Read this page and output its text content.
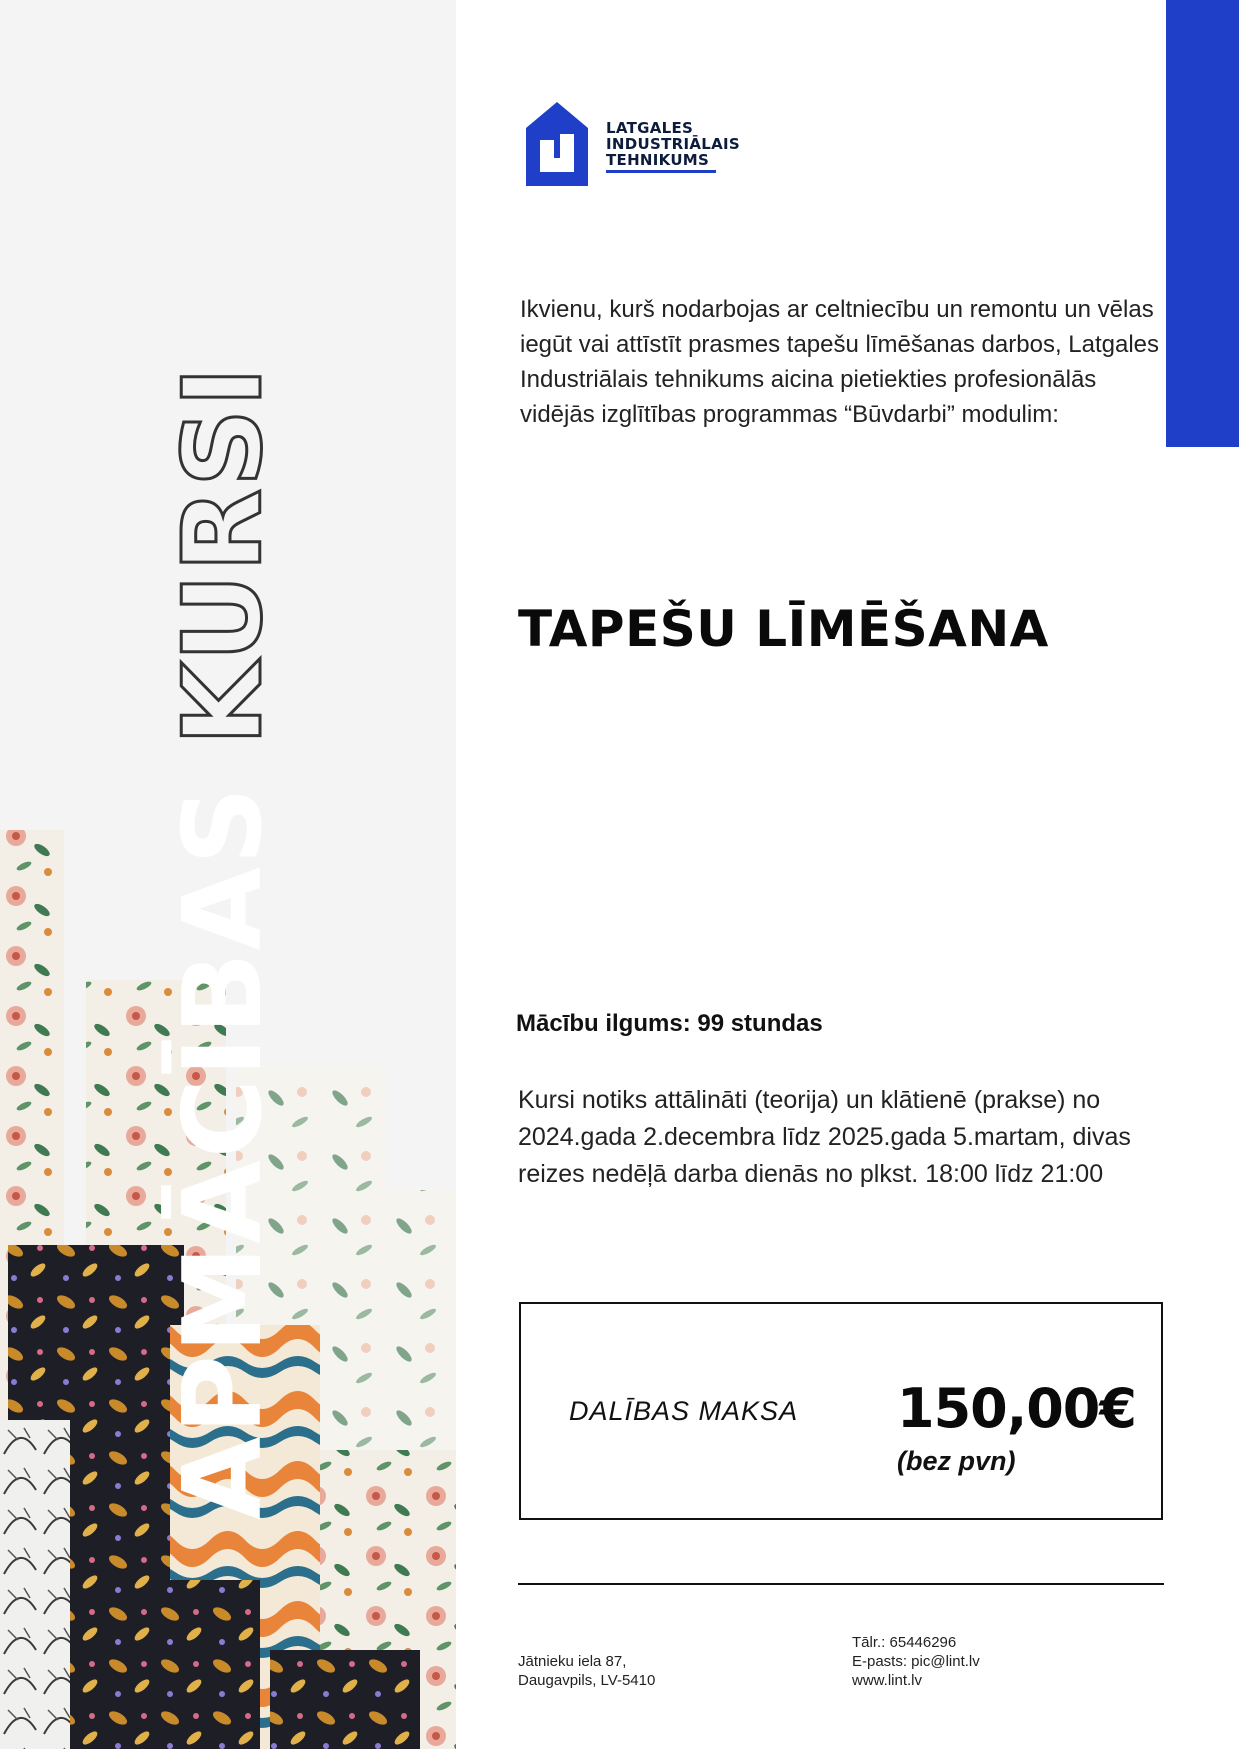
APMĀCĪBAS KURSI
LATGALES
INDUSTRIĀLAIS
TEHNIKUMS

Ikvienu, kurš nodarbojas ar celtniecību un remontu un vēlas iegūt vai attīstīt prasmes tapešu līmēšanas darbos, Latgales Industriālais tehnikums aicina pietiekties profesionālās vidējās izglītības programmas “Būvdarbi” modulim:

TAPEŠU LĪMĒŠANA

Mācību ilgums: 99 stundas

Kursi notiks attālināti (teorija) un klātienē (prakse) no 2024.gada 2.decembra līdz 2025.gada 5.martam, divas reizes nedēļā darba dienās no plkst. 18:00 līdz 21:00

DALĪBAS MAKSA 150,00€
(bez pvn)
Jātnieku iela 87,
Daugavpils, LV-5410
Tālr.: 65446296
E-pasts: pic@lint.lv
www.lint.lv
